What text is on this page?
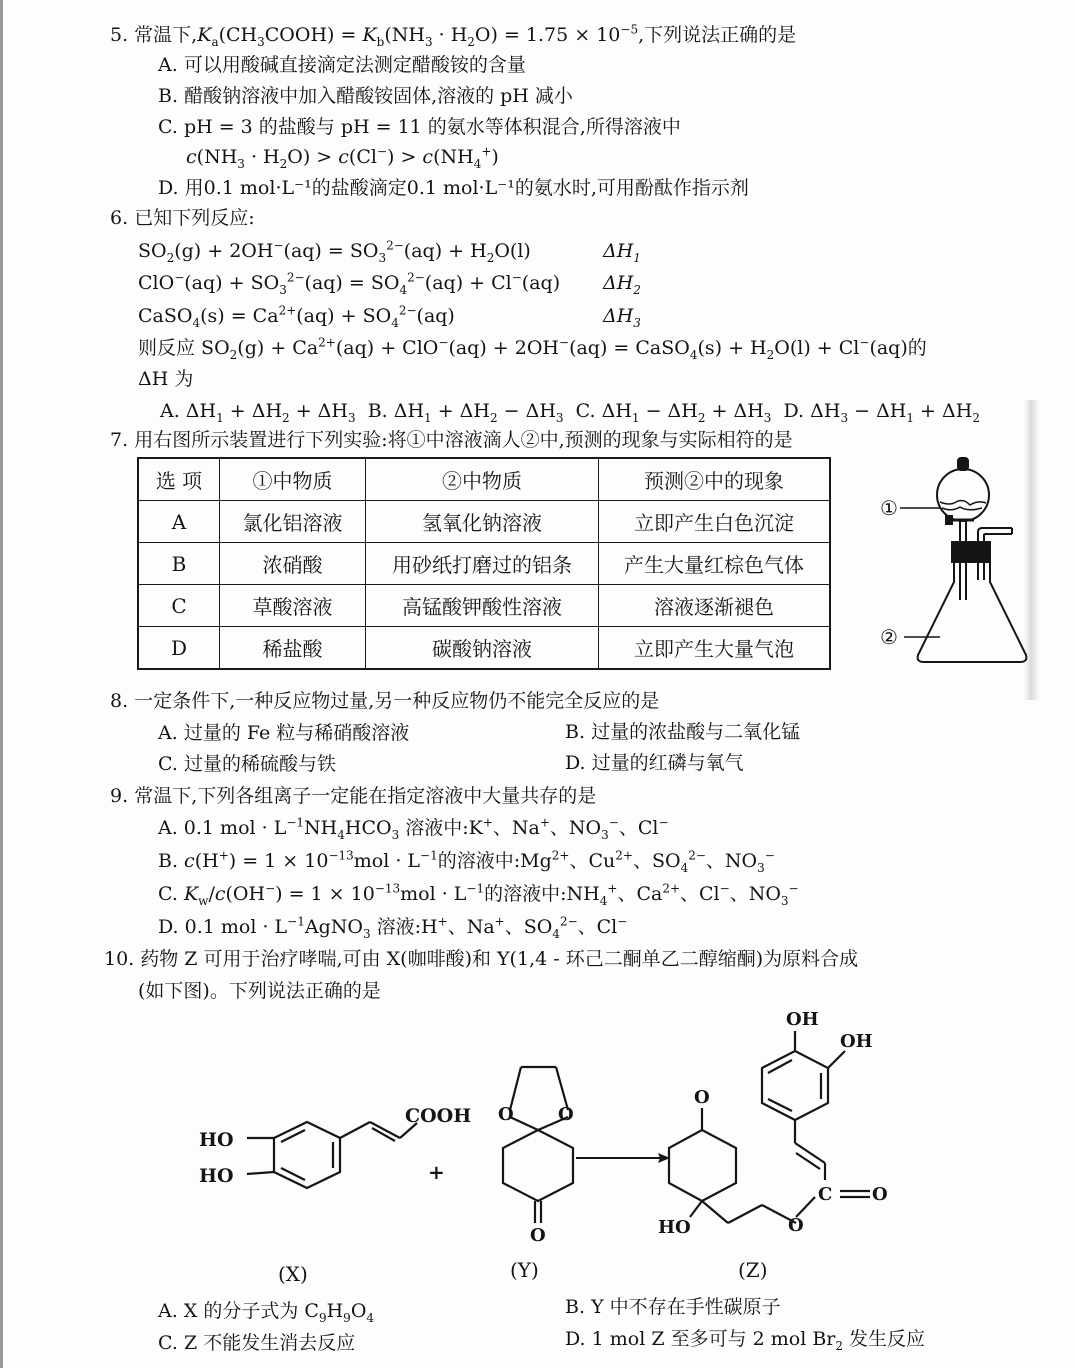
5. 常温下$,K_a(CH_3COOH) = K_b(NH_3 \cdot H_2O) = 1.75 \times 10^{-5}$,下列说法正确的是
A. 可以用酸碱直接滴定法测定醋酸铵的含量
B. 醋酸钠溶液中加入醋酸铵固体,溶液的 pH 减小
C. pH = 3 的盐酸与 pH = 11 的氨水等体积混合,所得溶液中
$c(NH_3 \cdot H_2O) > c(Cl^-) > c(NH_4^+)$
D. 用0.1 mol·L⁻¹的盐酸滴定0.1 mol·L⁻¹的氨水时,可用酚酞作指示剂
6. 已知下列反应:
$SO_2(g) + 2OH^-(aq) = SO_3^{2-}(aq) + H_2O(l)$	$\Delta H_1$
$ClO^-(aq) + SO_3^{2-}(aq) = SO_4^{2-}(aq) + Cl^-(aq)$ $\Delta H_2$
CaSO$_4$(s) = $Ca^{2+}(aq) + SO_4^{2-}(aq)$	$\Delta H_3$
则反应 $SO_2(g) + Ca^{2+}(aq) + ClO^-(aq) + 2OH^-(aq)$ = CaSO$_4$(s) + $H_2O(l) + Cl^-(aq)$的
ΔH 为
A. $\Delta H_1 + \Delta H_2 + \Delta H_3$ B. $\Delta H_1 + \Delta H_2 - \Delta H_3$ C. $\Delta H_1 - \Delta H_2 + \Delta H_3$ D. $\Delta H_3 - \Delta H_1 + \Delta H_2$
7. 用右图所示装置进行下列实验:将①中溶液滴人②中,预测的现象与实际相符的是
选 项	①中物质	②中物质	预测②中的现象
A	氯化铝溶液	氢氧化钠溶液	立即产生白色沉淀
B	浓硝酸	用砂纸打磨过的铝条	产生大量红棕色气体
C	草酸溶液	高锰酸钾酸性溶液	溶液逐渐褪色
D	稀盐酸	碳酸钠溶液	立即产生大量气泡
①
②
8. 一定条件下,一种反应物过量,另一种反应物仍不能完全反应的是
A. 过量的 Fe 粒与稀硝酸溶液	B. 过量的浓盐酸与二氧化锰
C. 过量的稀硫酸与铁	D. 过量的红磷与氧气
9. 常温下,下列各组离子一定能在指定溶液中大量共存的是
A. 0.1 mol · $L^{-1}NH_4HCO_3$ 溶液中:K+、Na+、$NO_3^-$、Cl−
B. $c(H^+) = 1 \times 10^{-13}mol \cdot L^{-1}$的溶液中$:Mg^{2+}$、$Cu^{2+}$、$SO_4^{2-}$、$NO_3^-$
C. $K_w/c(OH^-) = 1 \times 10^{-13}mol \cdot L^{-1}$的溶液中$:NH_4^+$、$Ca^{2+}$、Cl−、$NO_3^-$
D. 0.1 mol · $L^{-1}AgNO_3$ 溶液:H+、Na+、$SO_4^{2-}$、Cl−
10. 药物 Z 可用于治疗哮喘,可由 X(咖啡酸)和 Y(1,4 - 环己二酮单乙二醇缩酮)为原料合成
(如下图)。下列说法正确的是
HO
HO
COOH
+
O O
O
O
HO	O
C O
OH
OH
(X)	(Y)	(Z)
A. X 的分子式为 $C_9H_9O_4$	B. Y 中不存在手性碳原子
C. Z 不能发生消去反应	D. 1 mol Z 至多可与 2 mol $Br_2$ 发生反应
